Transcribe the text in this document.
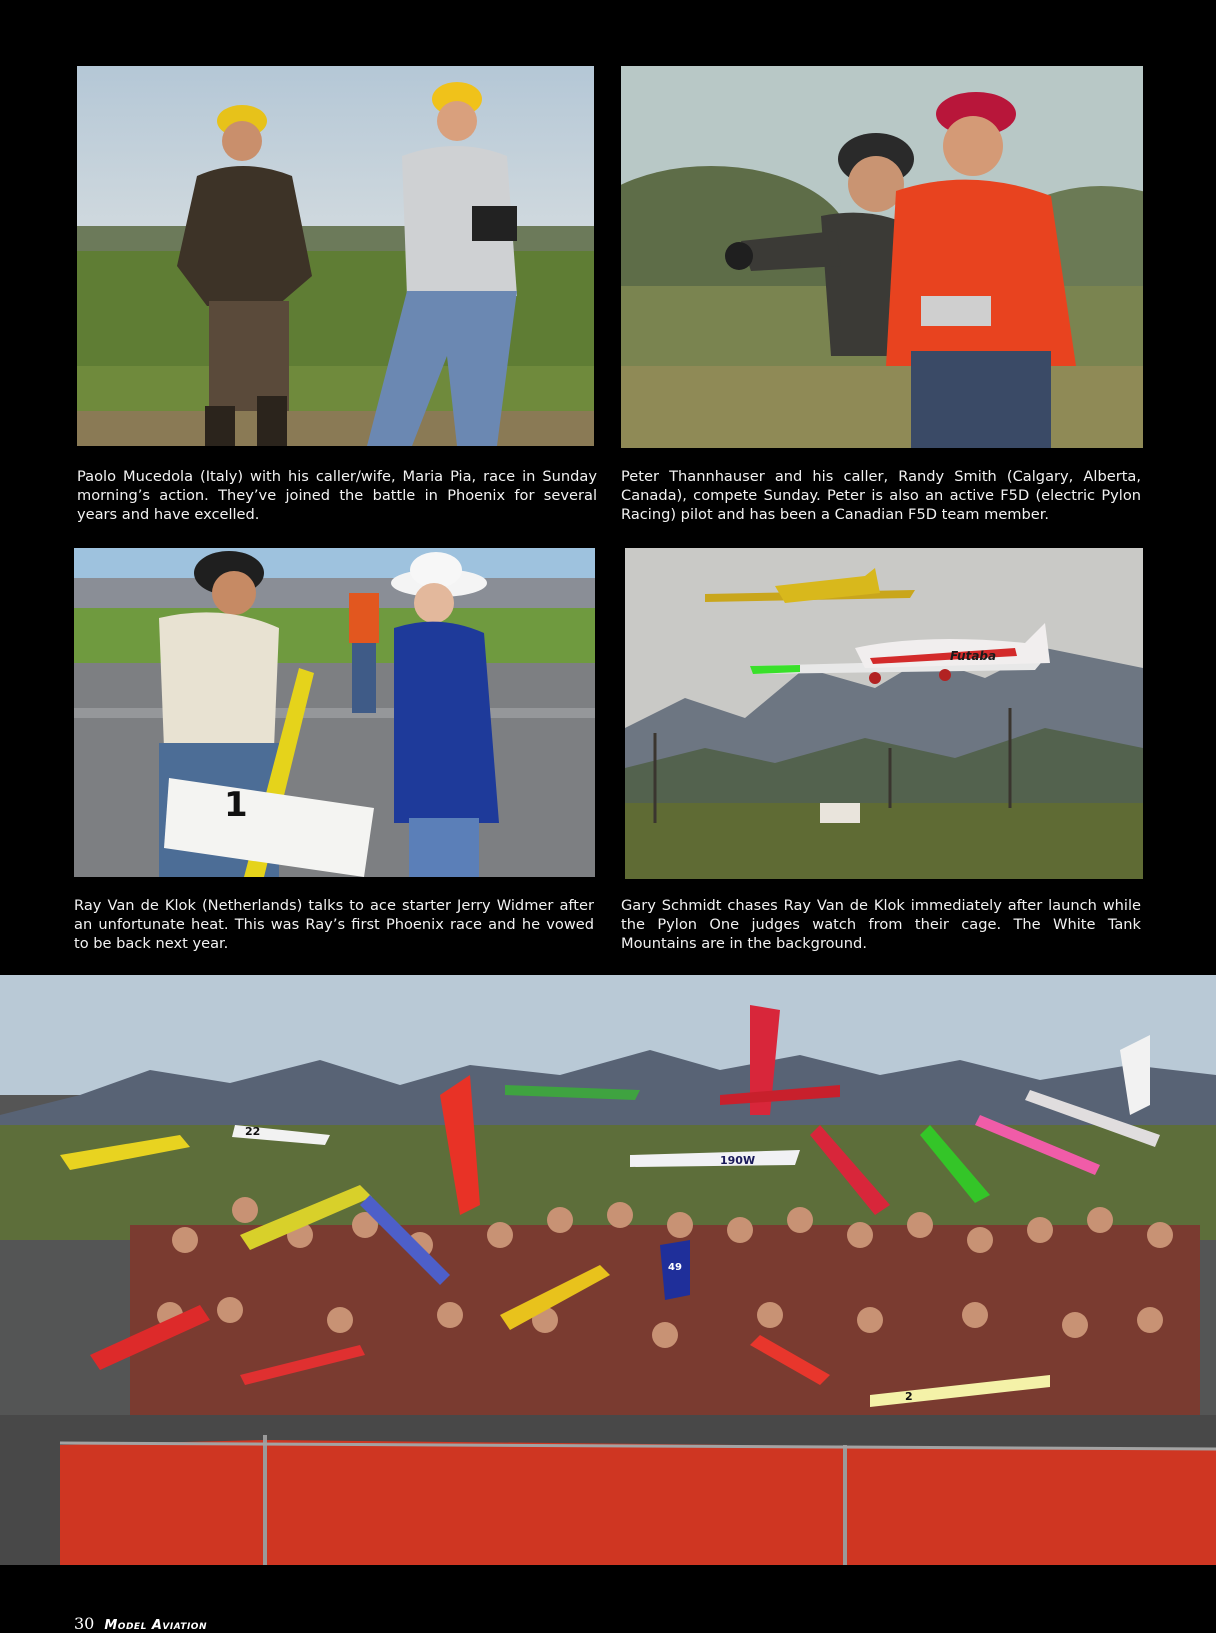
Paolo Mucedola (Italy) with his caller/wife, Maria Pia, race in Sunday morning’s action. They’ve joined the battle in Phoenix for several years and have excelled.

Peter Thannhauser and his caller, Randy Smith (Calgary, Alberta, Canada), compete Sunday. Peter is also an active F5D (electric Pylon Racing) pilot and has been a Canadian F5D team member.

1

Ray Van de Klok (Netherlands) talks to ace starter Jerry Widmer after an unfortunate heat. This was Ray’s first Phoenix race and he vowed to be back next year.

Futaba

Gary Schmidt chases Ray Van de Klok immediately after launch while the Pylon One judges watch from their cage. The White Tank Mountains are in the background.

22
190W
2
49
30 Model Aviation
